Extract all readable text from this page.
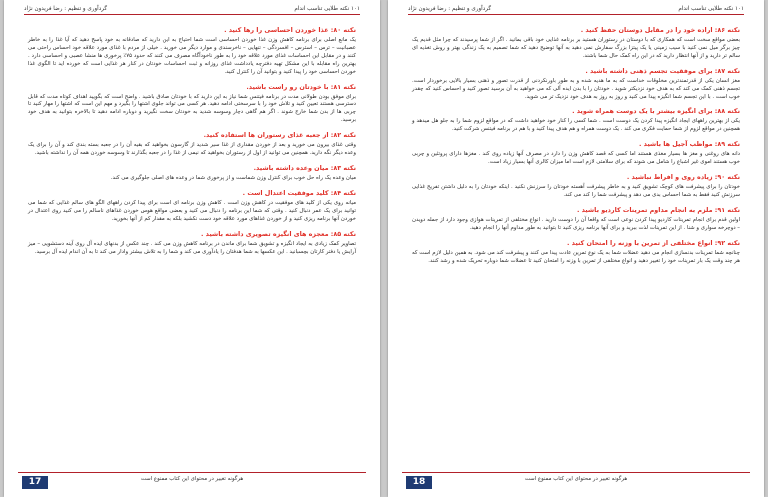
۱۰۱ نکته طلایی تناسب اندام
گردآوری و تنظیم : رضا فریدون نژاد
نکته ۸۰: غذا خوردن احساسی را رها کنید .

یک مانع اصلی برای برنامه کاهش وزن غذا خوردن احساسی است شما احتیاج به این دارید که صادقانه به خود پاسخ دهید که آیا غذا را به خاطر عصبانیت – ترس – استرس – افسردگی – تنهایی – ناخرسندی و موارد دیگر می خورید . خیلی از مردم با غذای مورد علاقه خود احساس راحتی می کنند و در مقابل این احساسات غذای مورد علاقه خود را به طور ناخودآگاه مصرف می کنند که حدود ۷۵٪ پرخوری ها منشا عصبی و احساسی دارد . بهترین راه مقابله با این مشکل تهیه دفترچه یادداشت غذای روزانه و ثبت احساسات خودتان در کنار هر غذایی است که خورده اید تا الگوی غذا خوردن احساسی خود را پیدا کنید و بتوانید آن را کنترل کنید.

نکته ۸۱: با خودتان رو راست باشید.

برای موفق بودن طولانی مدت در برنامه فیتنس شما نیاز به این دارید که با خودتان صادق باشید . واضح است که بگویید اهداف کوتاه مدت که قابل دسترسی هستند تعیین کنید و تلاش خود را با سرسختی ادامه دهید. هر کسی می تواند جلوی اشتها را بگیرد و مهم این است که اشتها را مهار کنید تا چربی ها از بدن شما خارج شوند . اگر هم گاهی دچار وسوسه شدید به خودتان سخت نگیرید و دوباره ادامه دهید تا بالاخره بتوانید به هدف خود برسید.

نکته ۸۲: از جعبه غذای رستوران ها استفاده کنید.

وقتی غذای بیرون می خورید و بعد از خوردن مقداری از غذا سیر شدید از گارسون بخواهید که بقیه آن را در جعبه بسته بندی کند و آن را برای یک وعده دیگر نگه دارید. همچنین می توانید از اول از رستوران بخواهید که نیمی از غذا را در جعبه بگذارند تا وسوسه خوردن همه آن را نداشته باشید.

نکته ۸۳: میان وعده داشته باشید.

میان وعده یک راه حل خوب برای کنترل وزن شماست و از پرخوری شما در وعده های اصلی جلوگیری می کند.

نکته ۸۴: کلید موفقیت اعتدال است .

میانه روی یکی از کلید های موفقیت در کاهش وزن است . کاهش وزن برنامه ای است برای پیدا کردن راههای الگو های سالم غذایی که شما می توانید برای یک عمر دنبال کنید . وقتی که شما این برنامه را دنبال می کنید و بعضی مواقع هوس خوردن غذاهای ناسالم را می کنید روی اعتدال در خوردن آنها برنامه ریزی کنید و از خوردن غذاهای مورد علاقه خود دست نکشید بلکه به مقدار کم از آنها بخورید.

نکته ۸۵: معجزه های انگیزه تصویری داشته باشید .

تصاویر کمک زیادی به ایجاد انگیزه و تشویق شما برای ماندن در برنامه کاهش وزن می کند . چند عکس از بدنهای ایده آل روی آینه دستشویی – میز آرایش یا دفتر کارتان بچسبانید . این عکسها به شما هدفتان را یادآوری می کند و شما را به تلاش بیشتر وادار می کند تا به آن اندام ایده آل برسید.

17	هرگونه تغییر در محتوای این کتاب ممنوع است
۱۰۱ نکته طلایی تناسب اندام
گردآوری و تنظیم : رضا فریدون نژاد
نکته ۸۶: اراده خود را در مقابل دوستان حفظ کنید .

بعضی مواقع سخت است که همکاری که با دوستان در رستوران هستید بر برنامه غذایی خود باقی بمانید . اگر از شما پرسیدند که چرا مثل قدیم یک چیز برگر میل نمی کنید با سیب زمینی یا یک پیتزا بزرگ سفارش نمی دهید به آنها توضیح دهید که شما تصمیم به یک زندگی بهتر و روش تغذیه ای سالم تر دارید و از آنها انتظار دارید که در این راه کمک حال شما باشند.

نکته ۸۷: برای موفقیت تجسم ذهنی داشته باشید .

مغز انسان یکی از قدرتمندترین مخلوقات خداست که به ما هدیه شده و به طور باورنکردنی از قدرت تصور و ذهنی بسیار بالایی برخوردار است. تجسم ذهنی کمک می کند که به هدف خود نزدیکتر شوید . خودتان را با بدن ایده آلی که می خواهید به آن برسید تصور کنید و احساس کنید که چقدر خوب است . با این تجسم شما انگیزه پیدا می کنید و روز به روز به هدف خود نزدیک تر می شوید.

نکته ۸۸: برای انگیزه بیشتر با یک دوست همراه شوید .

یکی از بهترین راههای ایجاد انگیزه پیدا کردن یک دوست است . شما کسی را کنار خود خواهید داشت که در مواقع لزوم شما را به جلو هل میدهد و همچنین در مواقع لزوم از شما حمایت فکری می کند . یک دوست همراه و هم هدف پیدا کنید و با هم در برنامه فیتنس شرکت کنید.

نکته ۸۹: مواظب آجیل ها باشید .

دانه های روغنی و مغز ها بسیار مغذی هستند اما کسی که قصد کاهش وزن را دارد در مصرف آنها زیاده روی کند . مغزها دارای پروتئین و چربی خوب هستند اموی غیر اشباع را شامل می شوند که برای سلامتی لازم است اما میزان کالری آنها بسیار زیاد است.

نکته ۹۰: زیاده روی و افراط نباشید .

خودتان را برای پیشرفت های کوچک تشویق کنید و به خاطر پیشرفت آهسته خودتان را سرزنش نکنید . اینکه خودتان را به دلیل داشتن تفریح غذایی سرزنش کنید فقط به شما احساس بدی می دهد و پیشرفت شما را کند می کند.

نکته ۹۱: ملزم به انجام مداوم تمرینات کاردیو باشید .

اولین قدم برای انجام تمرینات کاردیو پیدا کردن نوعی است که واقعا آن را دوست دارید . انواع مختلفی از تمرینات هوازی وجود دارد از جمله دویدن – دوچرخه سواری و شنا . از این تمرینات لذت ببرید و برای آنها برنامه ریزی کنید تا بتوانید به طور مداوم آنها را انجام دهید.

نکته ۹۲: انواع مختلفی از تمرین با وزنه را امتحان کنید .

چنانچه شما تمرینات بدنسازی انجام می دهید عضلات شما به یک نوع تمرین عادت پیدا می کنند و پیشرفت کند می شود. به همین دلیل لازم است که هر چند وقت یک بار تمرینات خود را تغییر دهید و انواع مختلفی از تمرین با وزنه را امتحان کنید تا عضلات شما دوباره تحریک شده و رشد کنند.

18	هرگونه تغییر در محتوای این کتاب ممنوع است
